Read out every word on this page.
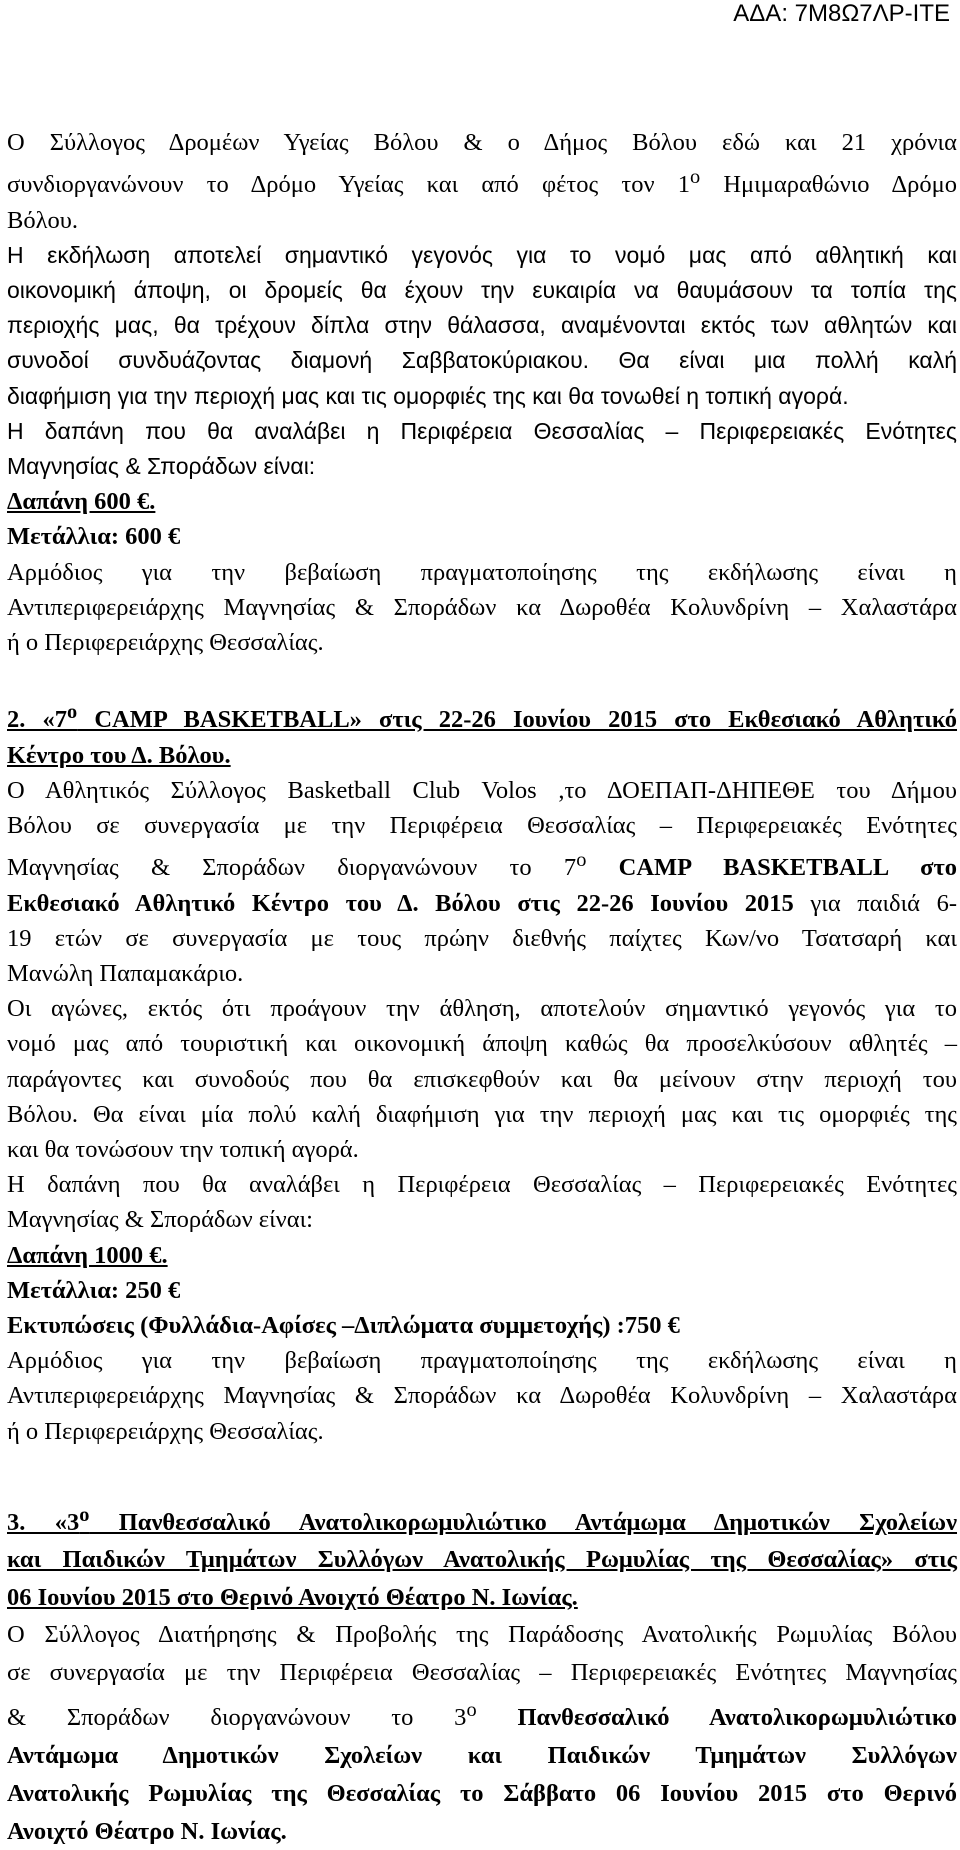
ΑΔΑ: 7Μ8Ω7ΛΡ-ΙΤΕ

Ο Σύλλογος Δρομέων Υγείας Βόλου & ο Δήμος Βόλου εδώ και 21 χρόνια

συνδιοργανώνουν το Δρόμο Υγείας και από φέτος τον $1^o$ Ημιμαραθώνιο Δρόμο

Βόλου.

Η εκδήλωση αποτελεί σημαντικό γεγονός για το νομό μας από αθλητική και

οικονομική άποψη, οι δρομείς θα έχουν την ευκαιρία να θαυμάσουν τα τοπία της

περιοχής μας, θα τρέχουν δίπλα στην θάλασσα, αναμένονται εκτός των αθλητών και

συνοδοί συνδυάζοντας διαμονή Σαββατοκύριακου. Θα είναι μια πολλή καλή

διαφήμιση για την περιοχή μας και τις ομορφιές της και θα τονωθεί η τοπική αγορά.

Η δαπάνη που θα αναλάβει η Περιφέρεια Θεσσαλίας – Περιφερειακές Ενότητες

Μαγνησίας & Σποράδων είναι:

Δαπάνη 600 €.

Μετάλλια: 600 €

Αρμόδιος για την βεβαίωση πραγματοποίησης της εκδήλωσης είναι η

Αντιπεριφερειάρχης Μαγνησίας & Σποράδων κα Δωροθέα Κολυνδρίνη – Χαλαστάρα

ή ο Περιφερειάρχης Θεσσαλίας.

2. «$7^o$ CAMP BASKETBALL» στις 22-26 Ιουνίου 2015 στο Εκθεσιακό Αθλητικό

Κέντρο του Δ. Βόλου.

Ο Αθλητικός Σύλλογος Basketball Club Volos ,το ΔΟΕΠΑΠ-ΔΗΠΕΘΕ του Δήμου

Βόλου σε συνεργασία με την Περιφέρεια Θεσσαλίας – Περιφερειακές Ενότητες

Μαγνησίας & Σποράδων διοργανώνουν το $7^o$ CAMP BASKETBALL στο

Εκθεσιακό Αθλητικό Κέντρο του Δ. Βόλου στις 22-26 Ιουνίου 2015 για παιδιά 6-

19 ετών σε συνεργασία με τους πρώην διεθνής παίχτες Κων/νο Τσατσαρή και

Μανώλη Παπαμακάριο.

Οι αγώνες, εκτός ότι προάγουν την άθληση, αποτελούν σημαντικό γεγονός για το

νομό μας από τουριστική και οικονομική άποψη καθώς θα προσελκύσουν αθλητές –

παράγοντες και συνοδούς που θα επισκεφθούν και θα μείνουν στην περιοχή του

Βόλου. Θα είναι μία πολύ καλή διαφήμιση για την περιοχή μας και τις ομορφιές της

και θα τονώσουν την τοπική αγορά.

Η δαπάνη που θα αναλάβει η Περιφέρεια Θεσσαλίας – Περιφερειακές Ενότητες

Μαγνησίας & Σποράδων είναι:

Δαπάνη 1000 €.

Μετάλλια: 250 €

Εκτυπώσεις (Φυλλάδια-Αφίσες –Διπλώματα συμμετοχής) :750 €

Αρμόδιος για την βεβαίωση πραγματοποίησης της εκδήλωσης είναι η

Αντιπεριφερειάρχης Μαγνησίας & Σποράδων κα Δωροθέα Κολυνδρίνη – Χαλαστάρα

ή ο Περιφερειάρχης Θεσσαλίας.

3. «$3^o$ Πανθεσσαλικό Ανατολικορωμυλιώτικο Αντάμωμα Δημοτικών Σχολείων

και Παιδικών Τμημάτων Συλλόγων Ανατολικής Ρωμυλίας της Θεσσαλίας» στις

06 Ιουνίου 2015 στο Θερινό Ανοιχτό Θέατρο Ν. Ιωνίας.

Ο Σύλλογος Διατήρησης & Προβολής της Παράδοσης Ανατολικής Ρωμυλίας Βόλου

σε συνεργασία με την Περιφέρεια Θεσσαλίας – Περιφερειακές Ενότητες Μαγνησίας

& Σποράδων διοργανώνουν το $3^o$ Πανθεσσαλικό Ανατολικορωμυλιώτικο

Αντάμωμα Δημοτικών Σχολείων και Παιδικών Τμημάτων Συλλόγων

Ανατολικής Ρωμυλίας της Θεσσαλίας το Σάββατο 06 Ιουνίου 2015 στο Θερινό

Ανοιχτό Θέατρο Ν. Ιωνίας.
